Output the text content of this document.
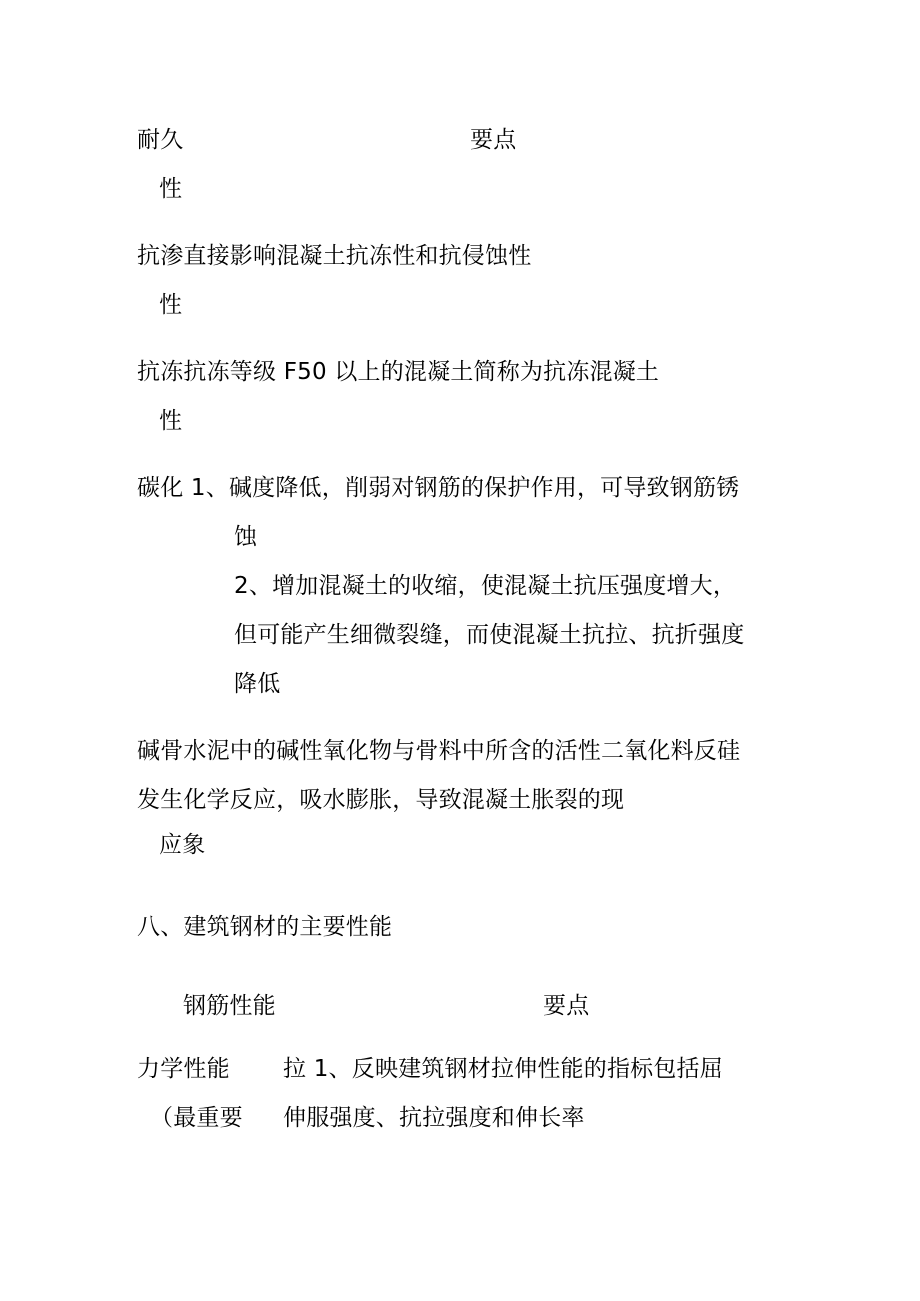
耐久	要点
性
抗渗直接影响混凝土抗冻性和抗侵蚀性
性
抗冻抗冻等级 F50 以上的混凝土简称为抗冻混凝土
性
碳化 1、碱度降低，削弱对钢筋的保护作用，可导致钢筋锈
蚀
2、增加混凝土的收缩，使混凝土抗压强度增大，
但可能产生细微裂缝，而使混凝土抗拉、抗折强度
降低
碱骨水泥中的碱性氧化物与骨料中所含的活性二氧化料反硅
发生化学反应，吸水膨胀，导致混凝土胀裂的现
应象
八、建筑钢材的主要性能
钢筋性能	要点
力学性能 拉 1、反映建筑钢材拉伸性能的指标包括屈
（最重要 伸服强度、抗拉强度和伸长率
